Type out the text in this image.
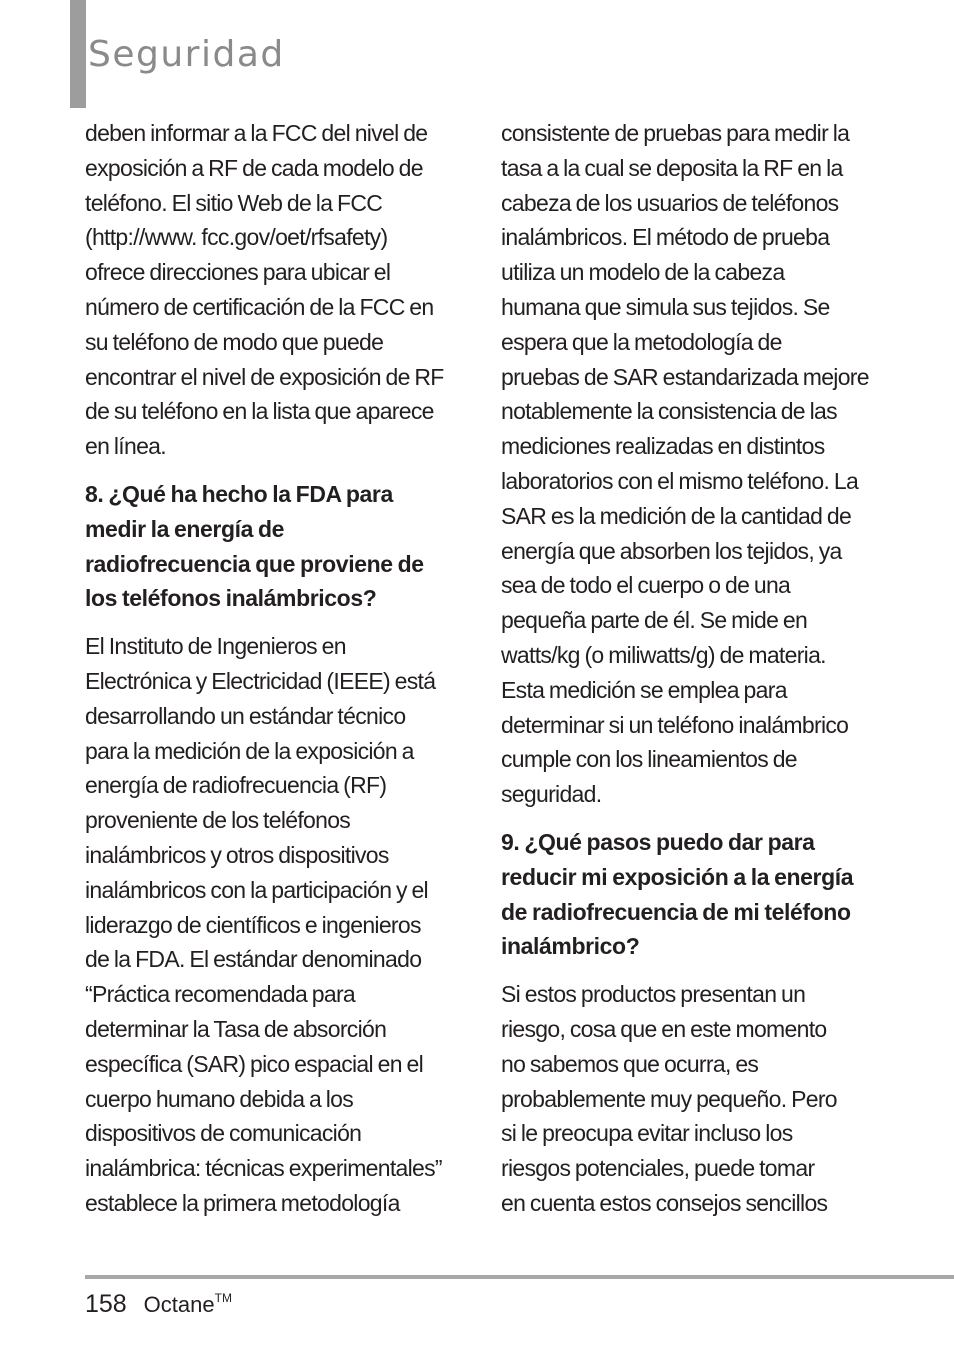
Seguridad

deben informar a la FCC del nivel de
exposición a RF de cada modelo de
teléfono. El sitio Web de la FCC
(http://www. fcc.gov/oet/rfsafety)
ofrece direcciones para ubicar el
número de certificación de la FCC en
su teléfono de modo que puede
encontrar el nivel de exposición de RF
de su teléfono en la lista que aparece
en línea.

8. ¿Qué ha hecho la FDA para
medir la energía de
radiofrecuencia que proviene de
los teléfonos inalámbricos?

El Instituto de Ingenieros en
Electrónica y Electricidad (IEEE) está
desarrollando un estándar técnico
para la medición de la exposición a
energía de radiofrecuencia (RF)
proveniente de los teléfonos
inalámbricos y otros dispositivos
inalámbricos con la participación y el
liderazgo de científicos e ingenieros
de la FDA. El estándar denominado
“Práctica recomendada para
determinar la Tasa de absorción
específica (SAR) pico espacial en el
cuerpo humano debida a los
dispositivos de comunicación
inalámbrica: técnicas experimentales”
establece la primera metodología

consistente de pruebas para medir la
tasa a la cual se deposita la RF en la
cabeza de los usuarios de teléfonos
inalámbricos. El método de prueba
utiliza un modelo de la cabeza
humana que simula sus tejidos. Se
espera que la metodología de
pruebas de SAR estandarizada mejore
notablemente la consistencia de las
mediciones realizadas en distintos
laboratorios con el mismo teléfono. La
SAR es la medición de la cantidad de
energía que absorben los tejidos, ya
sea de todo el cuerpo o de una
pequeña parte de él. Se mide en
watts/kg (o miliwatts/g) de materia.
Esta medición se emplea para
determinar si un teléfono inalámbrico
cumple con los lineamientos de
seguridad.

9. ¿Qué pasos puedo dar para
reducir mi exposición a la energía
de radiofrecuencia de mi teléfono
inalámbrico?

Si estos productos presentan un
riesgo, cosa que en este momento
no sabemos que ocurra, es
probablemente muy pequeño. Pero
si le preocupa evitar incluso los
riesgos potenciales, puede tomar
en cuenta estos consejos sencillos

158 Octane™
